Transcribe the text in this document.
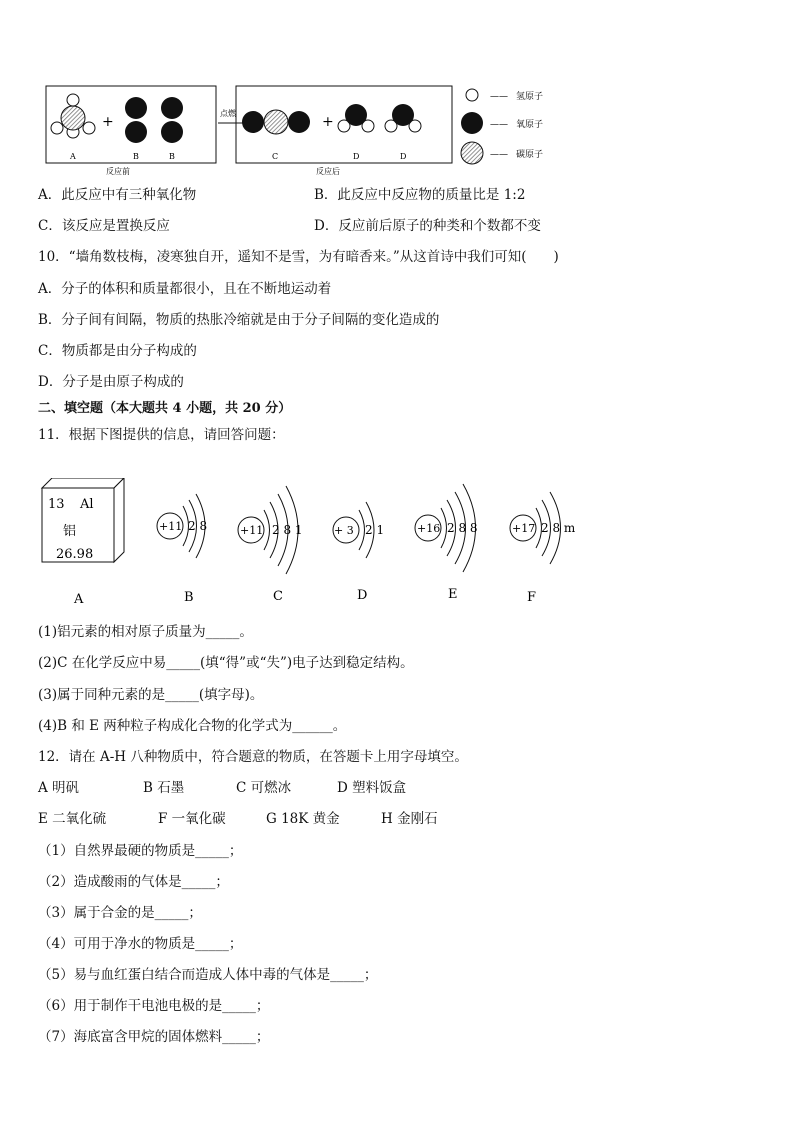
A
+
B	B
反应前
点燃
C
+
D	D
反应后
—— 氢原子
—— 氧原子
—— 碳原子
A．此反应中有三种氧化物	B．此反应中反应物的质量比是 1:2
C．该反应是置换反应	D．反应前后原子的种类和个数都不变
10．“墙角数枝梅，凌寒独自开，遥知不是雪，为有暗香来。”从这首诗中我们可知(　　)
A．分子的体积和质量都很小，且在不断地运动着
B．分子间有间隔，物质的热胀冷缩就是由于分子间隔的变化造成的
C．物质都是由分子构成的
D．分子是由原子构成的
二、填空题（本大题共 4 小题，共 20 分）
11．根据下图提供的信息，请回答问题：
13 Al
铝
26.98
A
+11 2 8
B
+11 2 8 1
C
+ 3 2 1
D
+16 2 8 8
E
+17 2 8 m
F
(1)铝元素的相对原子质量为_____。
(2)C 在化学反应中易_____(填“得”或“失”)电子达到稳定结构。
(3)属于同种元素的是_____(填字母)。
(4)B 和 E 两种粒子构成化合物的化学式为______。
12．请在 A-H 八种物质中，符合题意的物质，在答题卡上用字母填空。
A 明矾	B 石墨	C 可燃冰	D 塑料饭盒
E 二氧化硫	F 一氧化碳	G 18K 黄金	H 金刚石
（1）自然界最硬的物质是_____；
（2）造成酸雨的气体是_____；
（3）属于合金的是_____；
（4）可用于净水的物质是_____；
（5）易与血红蛋白结合而造成人体中毒的气体是_____；
（6）用于制作干电池电极的是_____；
（7）海底富含甲烷的固体燃料_____；
